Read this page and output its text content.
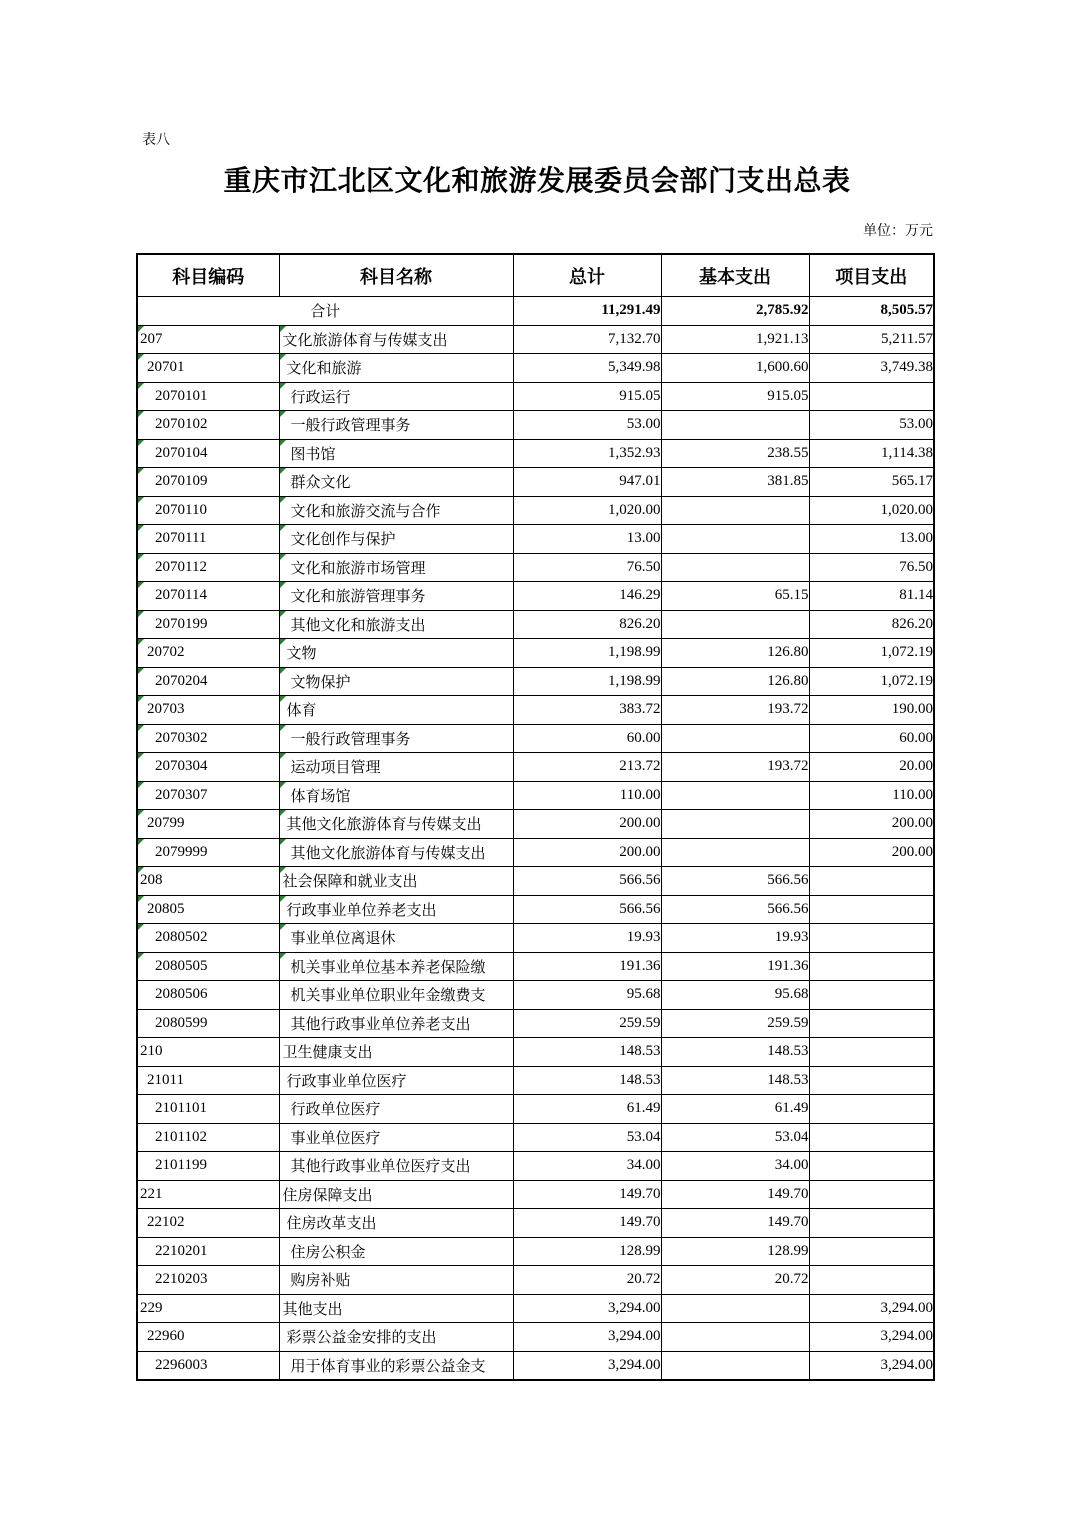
表八
重庆市江北区文化和旅游发展委员会部门支出总表
单位：万元
科目编码	科目名称	总计	基本支出	项目支出
合计		11,291.49	2,785.92	8,505.57
207	文化旅游体育与传媒支出	7,132.70	1,921.13	5,211.57
20701	文化和旅游	5,349.98	1,600.60	3,749.38
2070101	行政运行	915.05	915.05	
2070102	一般行政管理事务	53.00		53.00
2070104	图书馆	1,352.93	238.55	1,114.38
2070109	群众文化	947.01	381.85	565.17
2070110	文化和旅游交流与合作	1,020.00		1,020.00
2070111	文化创作与保护	13.00		13.00
2070112	文化和旅游市场管理	76.50		76.50
2070114	文化和旅游管理事务	146.29	65.15	81.14
2070199	其他文化和旅游支出	826.20		826.20
20702	文物	1,198.99	126.80	1,072.19
2070204	文物保护	1,198.99	126.80	1,072.19
20703	体育	383.72	193.72	190.00
2070302	一般行政管理事务	60.00		60.00
2070304	运动项目管理	213.72	193.72	20.00
2070307	体育场馆	110.00		110.00
20799	其他文化旅游体育与传媒支出	200.00		200.00
2079999	其他文化旅游体育与传媒支出	200.00		200.00
208	社会保障和就业支出	566.56	566.56	
20805	行政事业单位养老支出	566.56	566.56	
2080502	事业单位离退休	19.93	19.93	
2080505	机关事业单位基本养老保险缴	191.36	191.36	
2080506	机关事业单位职业年金缴费支	95.68	95.68	
2080599	其他行政事业单位养老支出	259.59	259.59	
210	卫生健康支出	148.53	148.53	
21011	行政事业单位医疗	148.53	148.53	
2101101	行政单位医疗	61.49	61.49	
2101102	事业单位医疗	53.04	53.04	
2101199	其他行政事业单位医疗支出	34.00	34.00	
221	住房保障支出	149.70	149.70	
22102	住房改革支出	149.70	149.70	
2210201	住房公积金	128.99	128.99	
2210203	购房补贴	20.72	20.72	
229	其他支出	3,294.00		3,294.00
22960	彩票公益金安排的支出	3,294.00		3,294.00
2296003	用于体育事业的彩票公益金支	3,294.00		3,294.00
